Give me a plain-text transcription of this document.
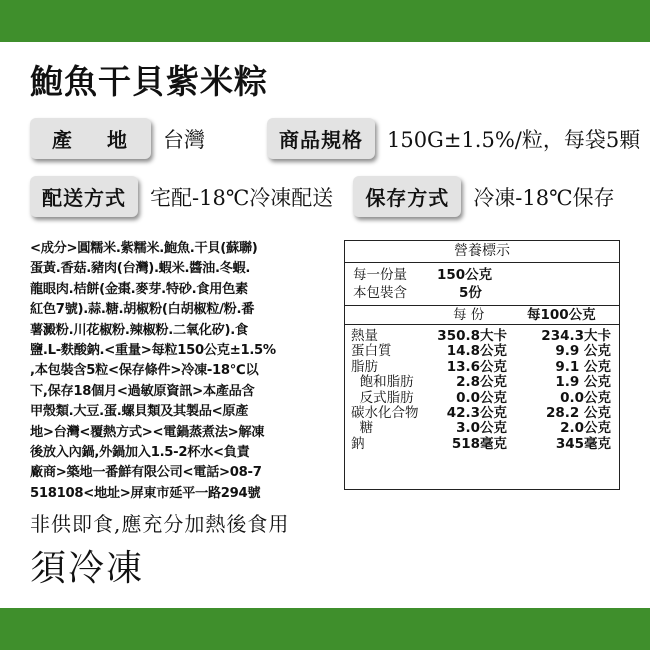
鮑魚干貝紫米粽
產 地	台灣	商品規格	150G±1.5%/粒，每袋5顆
配送方式	宅配-18℃冷凍配送	保存方式	冷凍-18℃保存
<成分>圓糯米.紫糯米.鮑魚.干貝(蘇聯)
蛋黃.香菇.豬肉(台灣).蝦米.醬油.冬蝦.
龍眼肉.桔餅(金棗.麥芽.特砂.食用色素
紅色7號).蒜.糖.胡椒粉(白胡椒粒/粉.番
薯澱粉.川花椒粉.辣椒粉.二氧化矽).食
鹽.L-麩酸鈉.<重量>每粒150公克±1.5%
,本包裝含5粒<保存條件>冷凍-18℃以
下,保存18個月<過敏原資訊>本產品含
甲殼類.大豆.蛋.螺貝類及其製品<原產
地>台灣<覆熱方式><電鍋蒸煮法>解凍
後放入內鍋,外鍋加入1.5-2杯水<負責
廠商>築地一番鮮有限公司<電話>08-7
518108<地址>屏東市延平一路294號
營養標示
每一份量	150公克
本包裝含	5份
每 份	每100公克
熱量	350.8大卡	234.3大卡
蛋白質	14.8公克	9.9 公克
脂肪	13.6公克	9.1 公克
飽和脂肪	2.8公克	1.9 公克
反式脂肪	0.0公克	0.0公克
碳水化合物 42.3公克	28.2 公克
糖	3.0公克	2.0公克
鈉	518毫克	345毫克
非供即食,應充分加熱後食用
須冷凍
